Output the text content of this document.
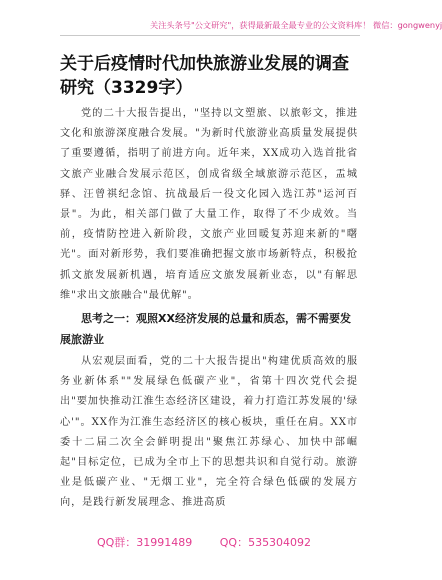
关注头条号"公文研究"，获得最新最全最专业的公文资料库！ 微信：gongwenyj
关于后疫情时代加快旅游业发展的调查研究（3329字）

党的二十大报告提出，"坚持以文塑旅、以旅彰文，推进文化和旅游深度融合发展。"为新时代旅游业高质量发展提供了重要遵循，指明了前进方向。近年来，XX成功入选首批省文旅产业融合发展示范区，创成省级全域旅游示范区，盂城驿、汪曾祺纪念馆、抗战最后一役文化园入选江苏"运河百景"。为此，相关部门做了大量工作，取得了不少成效。当前，疫情防控进入新阶段，文旅产业回暖复苏迎来新的"曙光"。面对新形势，我们要准确把握文旅市场新特点，积极抢抓文旅发展新机遇，培育适应文旅发展新业态，以"有解思维"求出文旅融合"最优解"。

思考之一：观照XX经济发展的总量和质态，需不需要发展旅游业

从宏观层面看，党的二十大报告提出"构建优质高效的服务业新体系""发展绿色低碳产业"，省第十四次党代会提出"要加快推动江淮生态经济区建设，着力打造江苏发展的'绿心'"。XX作为江淮生态经济区的核心板块，重任在肩。XX市委十二届二次全会鲜明提出"聚焦江苏绿心、加快中部崛起"目标定位，已成为全市上下的思想共识和自觉行动。旅游业是低碳产业、"无烟工业"，完全符合绿色低碳的发展方向，是践行新发展理念、推进高质

QQ群：31991489	QQ：535304092
